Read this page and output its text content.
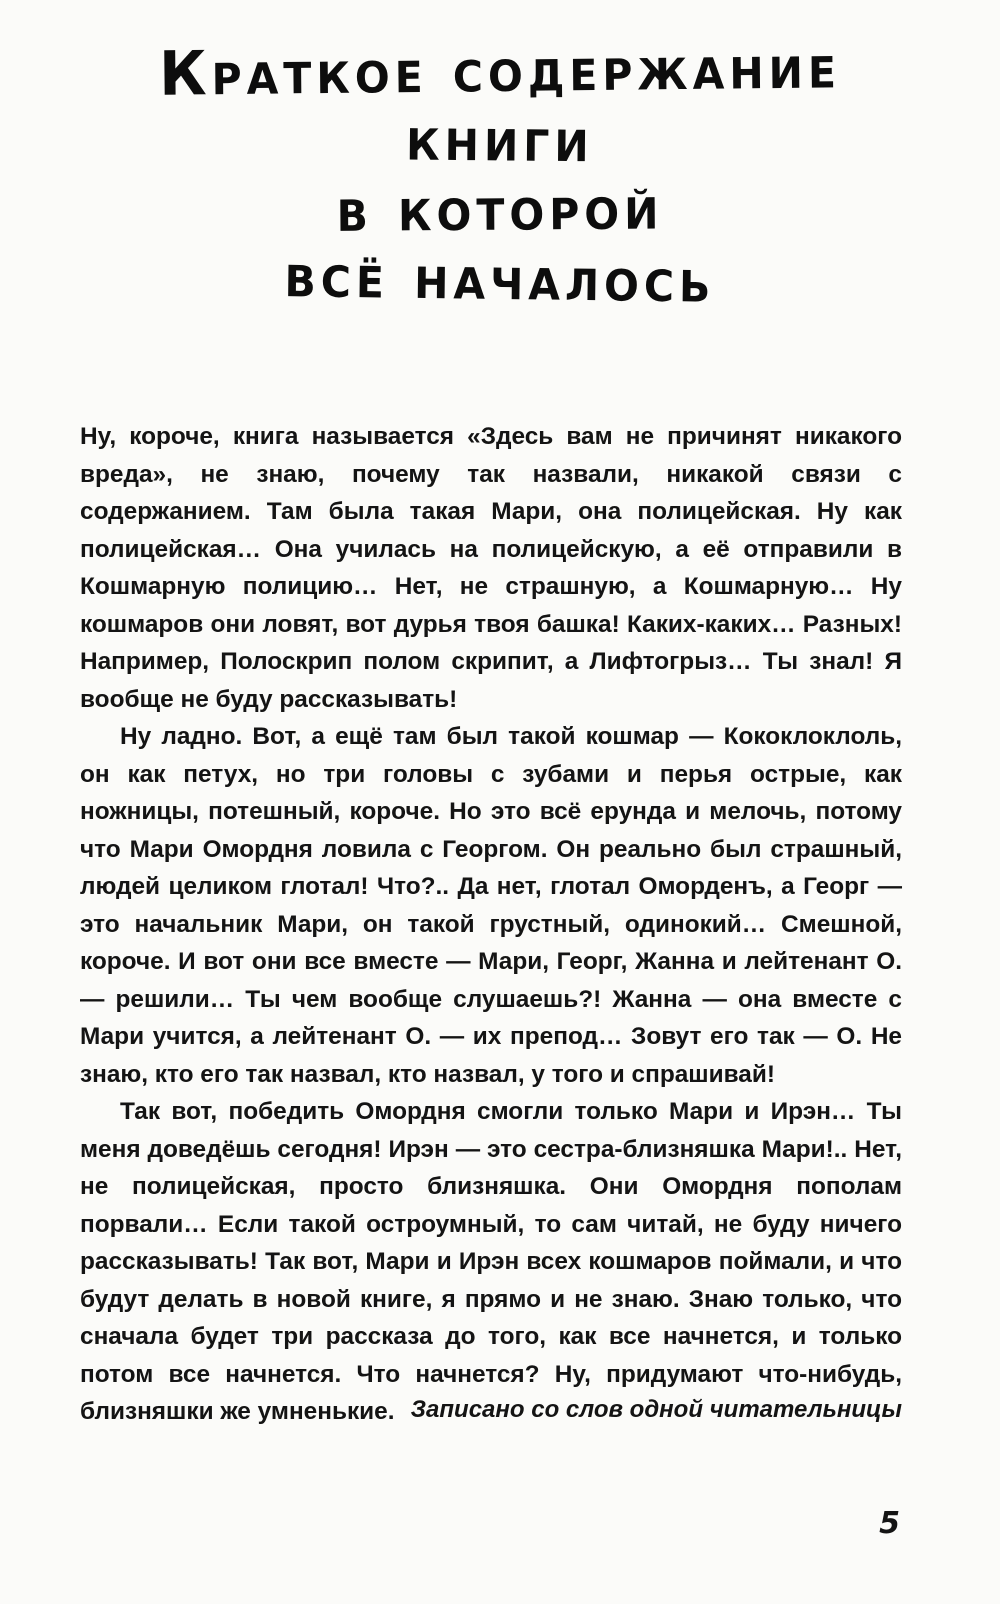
Краткое содержание
книги
в которой
всё началось

Ну, короче, книга называется «Здесь вам не причинят никакого вреда», не знаю, почему так назвали, никакой связи с содержанием. Там была такая Мари, она полицейская. Ну как полицейская… Она училась на полицейскую, а её отправили в Кошмарную полицию… Нет, не страшную, а Кошмарную… Ну кошмаров они ловят, вот дурья твоя башка! Каких-каких… Разных! Например, Полоскрип полом скрипит, а Лифтогрыз… Ты знал! Я вообще не буду рассказывать!

Ну ладно. Вот, а ещё там был такой кошмар — Кококлоклоль, он как петух, но три головы с зубами и перья острые, как ножницы, потешный, короче. Но это всё ерунда и мелочь, потому что Мари Омордня ловила с Георгом. Он реально был страшный, людей целиком глотал! Что?.. Да нет, глотал Оморденъ, а Георг — это начальник Мари, он такой грустный, одинокий… Смешной, короче. И вот они все вместе — Мари, Георг, Жанна и лейтенант О. — решили… Ты чем вообще слушаешь?! Жанна — она вместе с Мари учится, а лейтенант О. — их препод… Зовут его так — О. Не знаю, кто его так назвал, кто назвал, у того и спрашивай!

Так вот, победить Омордня смогли только Мари и Ирэн… Ты меня доведёшь сегодня! Ирэн — это сестра-близняшка Мари!.. Нет, не полицейская, просто близняшка. Они Омордня пополам порвали… Если такой остроумный, то сам читай, не буду ничего рассказывать! Так вот, Мари и Ирэн всех кошмаров поймали, и что будут делать в новой книге, я прямо и не знаю. Знаю только, что сначала будет три рассказа до того, как все начнется, и только потом все начнется. Что начнется? Ну, придумают что-нибудь, близняшки же умненькие. Записано со слов одной читательницы
5
